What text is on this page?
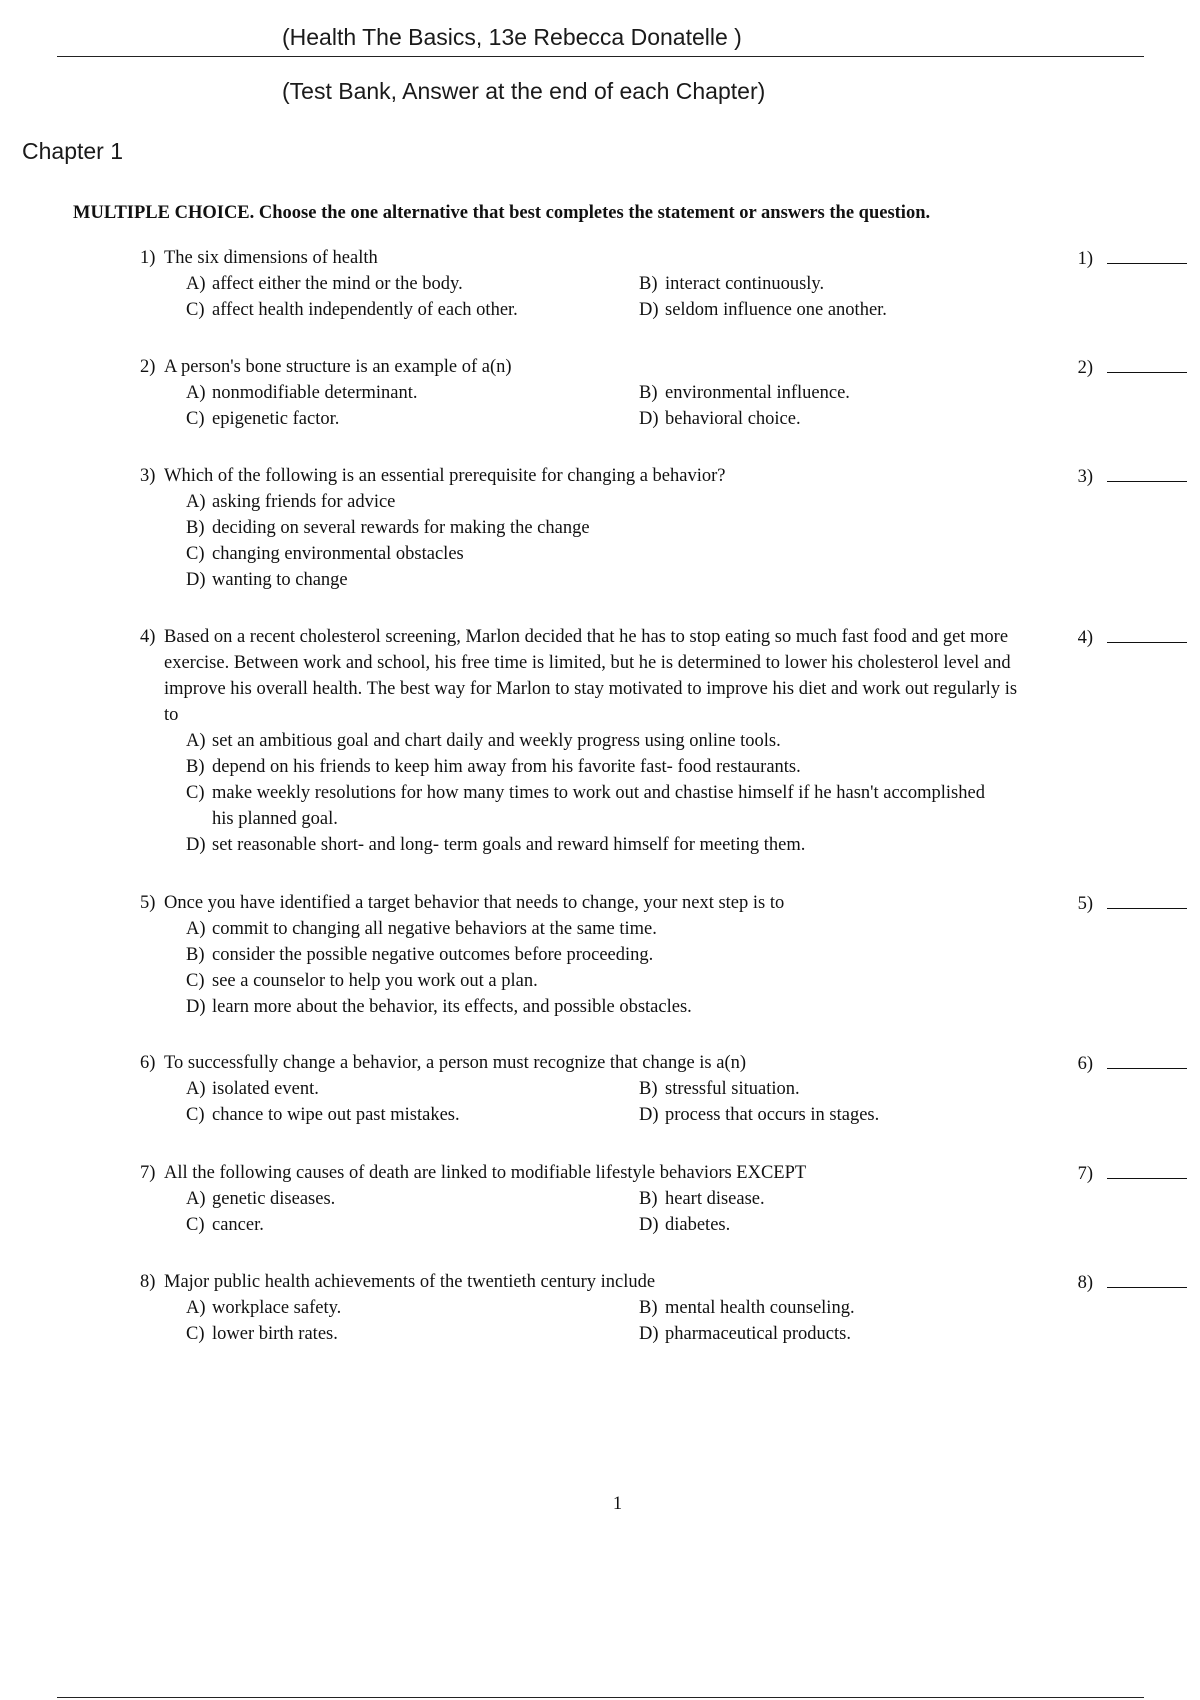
(Health The Basics, 13e Rebecca Donatelle )
(Test Bank, Answer at the end of each Chapter)
Chapter 1
MULTIPLE CHOICE. Choose the one alternative that best completes the statement or answers the question.
1) The six dimensions of health
A) affect either the mind or the body.	B) interact continuously.
C) affect health independently of each other.	D) seldom influence one another.
1)
2) A person's bone structure is an example of a(n)
A) nonmodifiable determinant.	B) environmental influence.
C) epigenetic factor.	D) behavioral choice.
2)
3) Which of the following is an essential prerequisite for changing a behavior?
A) asking friends for advice
B) deciding on several rewards for making the change
C) changing environmental obstacles
D) wanting to change
3)
4) Based on a recent cholesterol screening, Marlon decided that he has to stop eating so much fast food and get more exercise. Between work and school, his free time is limited, but he is determined to lower his cholesterol level and improve his overall health. The best way for Marlon to stay motivated to improve his diet and work out regularly is to
A) set an ambitious goal and chart daily and weekly progress using online tools.
B) depend on his friends to keep him away from his favorite fast- food restaurants.
C) make weekly resolutions for how many times to work out and chastise himself if he hasn't accomplished his planned goal.
D) set reasonable short- and long- term goals and reward himself for meeting them.
4)
5) Once you have identified a target behavior that needs to change, your next step is to
A) commit to changing all negative behaviors at the same time.
B) consider the possible negative outcomes before proceeding.
C) see a counselor to help you work out a plan.
D) learn more about the behavior, its effects, and possible obstacles.
5)
6) To successfully change a behavior, a person must recognize that change is a(n)
A) isolated event.	B) stressful situation.
C) chance to wipe out past mistakes.	D) process that occurs in stages.
6)
7) All the following causes of death are linked to modifiable lifestyle behaviors EXCEPT
A) genetic diseases.	B) heart disease.
C) cancer.	D) diabetes.
7)
8) Major public health achievements of the twentieth century include
A) workplace safety.	B) mental health counseling.
C) lower birth rates.	D) pharmaceutical products.
8)
1
